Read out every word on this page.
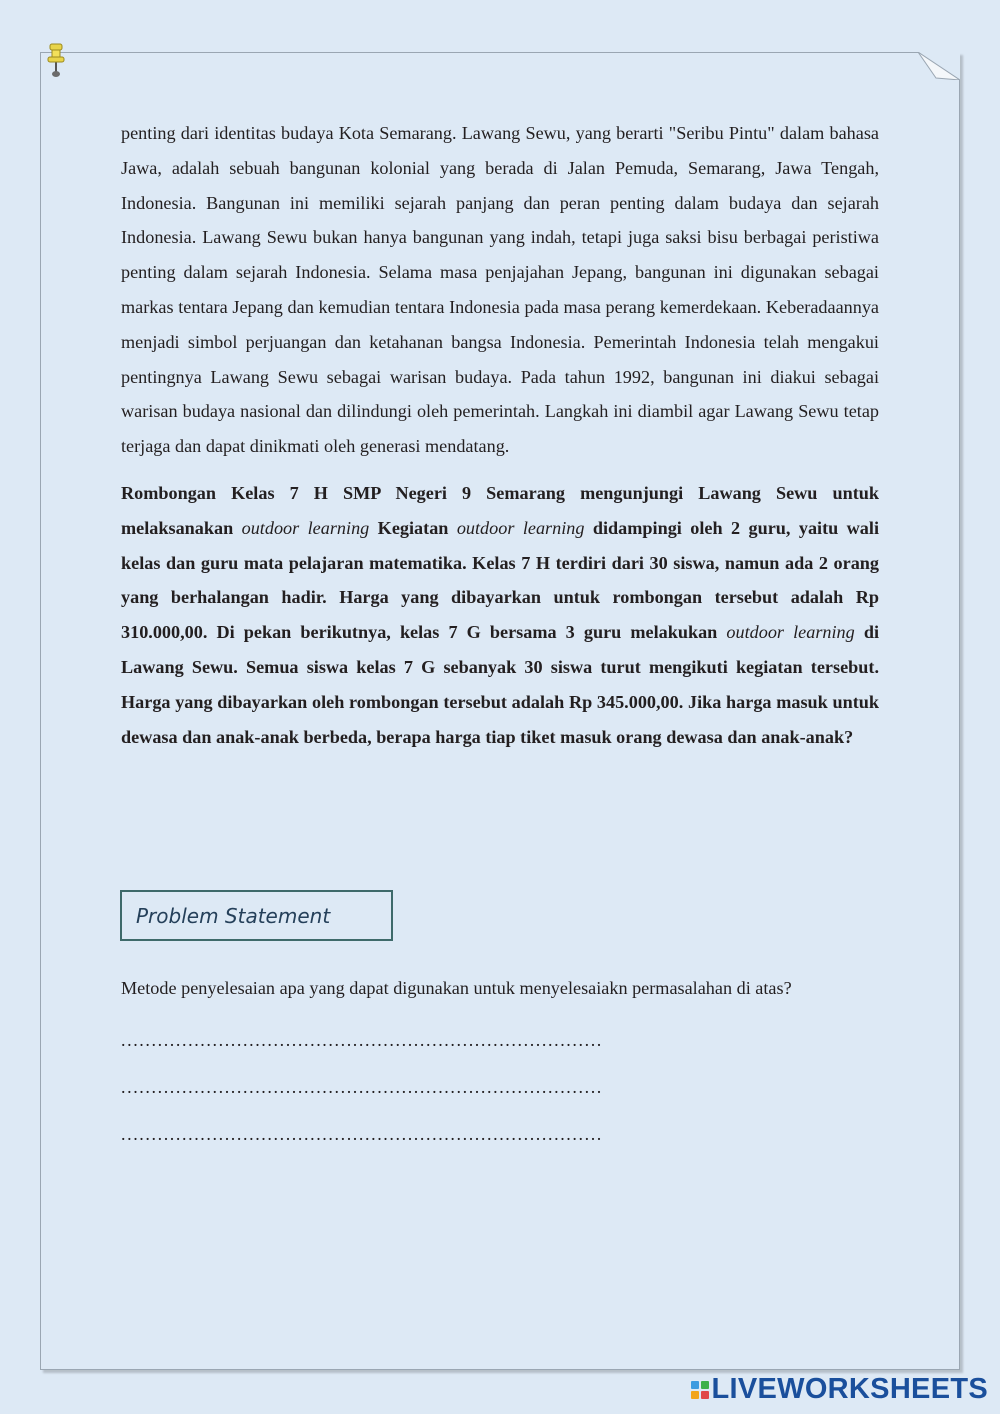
penting dari identitas budaya Kota Semarang. Lawang Sewu, yang berarti "Seribu Pintu" dalam bahasa Jawa, adalah sebuah bangunan kolonial yang berada di Jalan Pemuda, Semarang, Jawa Tengah, Indonesia. Bangunan ini memiliki sejarah panjang dan peran penting dalam budaya dan sejarah Indonesia. Lawang Sewu bukan hanya bangunan yang indah, tetapi juga saksi bisu berbagai peristiwa penting dalam sejarah Indonesia. Selama masa penjajahan Jepang, bangunan ini digunakan sebagai markas tentara Jepang dan kemudian tentara Indonesia pada masa perang kemerdekaan. Keberadaannya menjadi simbol perjuangan dan ketahanan bangsa Indonesia. Pemerintah Indonesia telah mengakui pentingnya Lawang Sewu sebagai warisan budaya. Pada tahun 1992, bangunan ini diakui sebagai warisan budaya nasional dan dilindungi oleh pemerintah. Langkah ini diambil agar Lawang Sewu tetap terjaga dan dapat dinikmati oleh generasi mendatang.

Rombongan Kelas 7 H SMP Negeri 9 Semarang mengunjungi Lawang Sewu untuk melaksanakan outdoor learning Kegiatan outdoor learning didampingi oleh 2 guru, yaitu wali kelas dan guru mata pelajaran matematika. Kelas 7 H terdiri dari 30 siswa, namun ada 2 orang yang berhalangan hadir. Harga yang dibayarkan untuk rombongan tersebut adalah Rp 310.000,00. Di pekan berikutnya, kelas 7 G bersama 3 guru melakukan outdoor learning di Lawang Sewu. Semua siswa kelas 7 G sebanyak 30 siswa turut mengikuti kegiatan tersebut. Harga yang dibayarkan oleh rombongan tersebut adalah Rp 345.000,00. Jika harga masuk untuk dewasa dan anak-anak berbeda, berapa harga tiap tiket masuk orang dewasa dan anak-anak?

Problem Statement
Metode penyelesaian apa yang dapat digunakan untuk menyelesaiakn permasalahan di atas?
...............................................................................
...............................................................................
...............................................................................
LIVEWORKSHEETS
